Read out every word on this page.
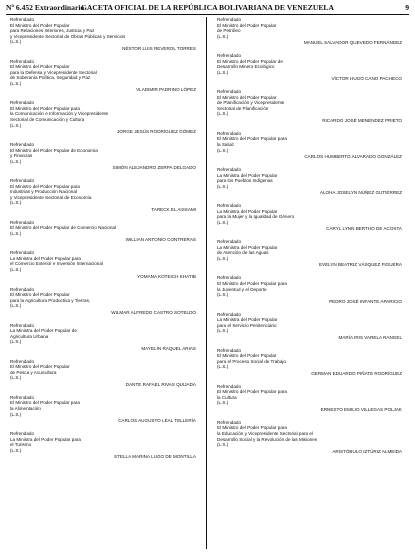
Nº 6.452 Extraordinario
GACETA OFICIAL DE LA REPÚBLICA BOLIVARIANA DE VENEZUELA	9
Refrendado
El Ministro del Poder Popular
para Relaciones Interiores, Justicia y Paz
y Vicepresidente Sectorial de Obras Públicas y Servicios
(L.S.)
NÉSTOR LUIS REVEROL TORRES
Refrendado
El Ministro del Poder Popular
para la Defensa y Vicepresidente Sectorial
de Soberanía Política, Seguridad y Paz
(L.S.)
VLADIMIR PADRINO LÓPEZ
Refrendado
El Ministro del Poder Popular para
la Comunicación e Información y Vicepresidente
Sectorial de Comunicación y Cultura
(L.S.)
JORGE JESÚS RODRÍGUEZ GÓMEZ
Refrendado
El Ministro del Poder Popular de Economía
y Finanzas
(L.S.)
SIMÓN ALEJANDRO ZERPA DELGADO
Refrendado
El Ministro del Poder Popular para
Industrias y Producción Nacional
y Vicepresidente Sectorial de Economía
(L.S.)
TARECK EL AISSAMI
Refrendado
El Ministro del Poder Popular de Comercio Nacional
(L.S.)
WILLIAN ANTONIO CONTRERAS
Refrendado
La Ministra del Poder Popular para
el Comercio Exterior e Inversión Internacional
(L.S.)
YOMANA KOTEICH KHATIB
Refrendado
El Ministro del Poder Popular
para la Agricultura Productiva y Tierras,
(L.S.)
WILMAR ALFREDO CASTRO SOTELDO
Refrendado
La Ministra del Poder Popular de
Agricultura Urbana
(L.S.)
MAYELIN RAQUEL ARIAS
Refrendado
El Ministro del Poder Popular
de Pesca y Acuicultura
(L.S.)
DANTE RAFAEL RIVAS QUIJADA
Refrendado
El Ministro del Poder Popular para
la Alimentación
(L.S.)
CARLOS AUGUSTO LEAL TELLERÍA
Refrendado
La Ministra del Poder Popular para
el Turismo
(L.S.)
STELLA MARINA LUGO DE MONTILLA
Refrendado
El Ministro del Poder Popular
de Petróleo
(L.S.)
MANUEL SALVADOR QUEVEDO FERNÁNDEZ
Refrendado
El Ministro del Poder Popular de
Desarrollo Minero Ecológico
(L.S.)
VÍCTOR HUGO CANO PACHECO
Refrendado
El Ministro del Poder Popular
de Planificación y Vicepresidente
Sectorial de Planificación
(L.S.)
RICARDO JOSÉ MENÉNDEZ PRIETO
Refrendado
El Ministro del Poder Popular para
la Salud
(L.S.)
CARLOS HUMBERTO ALVARADO GONZÁLEZ
Refrendado
La Ministra del Poder Popular
para los Pueblos Indígenas
(L.S.)
ALOHA JOSELYN NÚÑEZ GUTIÉRREZ
Refrendado
La Ministra del Poder Popular
para la Mujer y la Igualdad de Género
(L.S.)
CARYL LYNN BERTHO DE ACOSTA
Refrendado
La Ministra del Poder Popular
de Atención de las Aguas
(L.S.)
EVELYN BEATRIZ VÁSQUEZ FIGUERA
Refrendado
El Ministro del Poder Popular para
la Juventud y el Deporte
(L.S.)
PEDRO JOSÉ INFANTE APARICIO
Refrendado
La Ministra del Poder Popular
para el Servicio Penitenciario
(L.S.)
MARÍA IRIS VARELA RANGEL
Refrendado
El Ministro del Poder Popular
para el Proceso Social de Trabajo
(L.S.)
GERMAN EDUARDO PIÑATE RODRÍGUEZ
Refrendado
El Ministro del Poder Popular para
la Cultura
(L.S.)
ERNESTO EMILIO VILLEGAS POLJAK
Refrendado
El Ministro del Poder Popular para
la Educación y Vicepresidente Sectorial para el
Desarrollo Social y la Revolución de las Misiones
(L.S.)
ARISTÓBULO IZTÚRIZ ALMEIDA
